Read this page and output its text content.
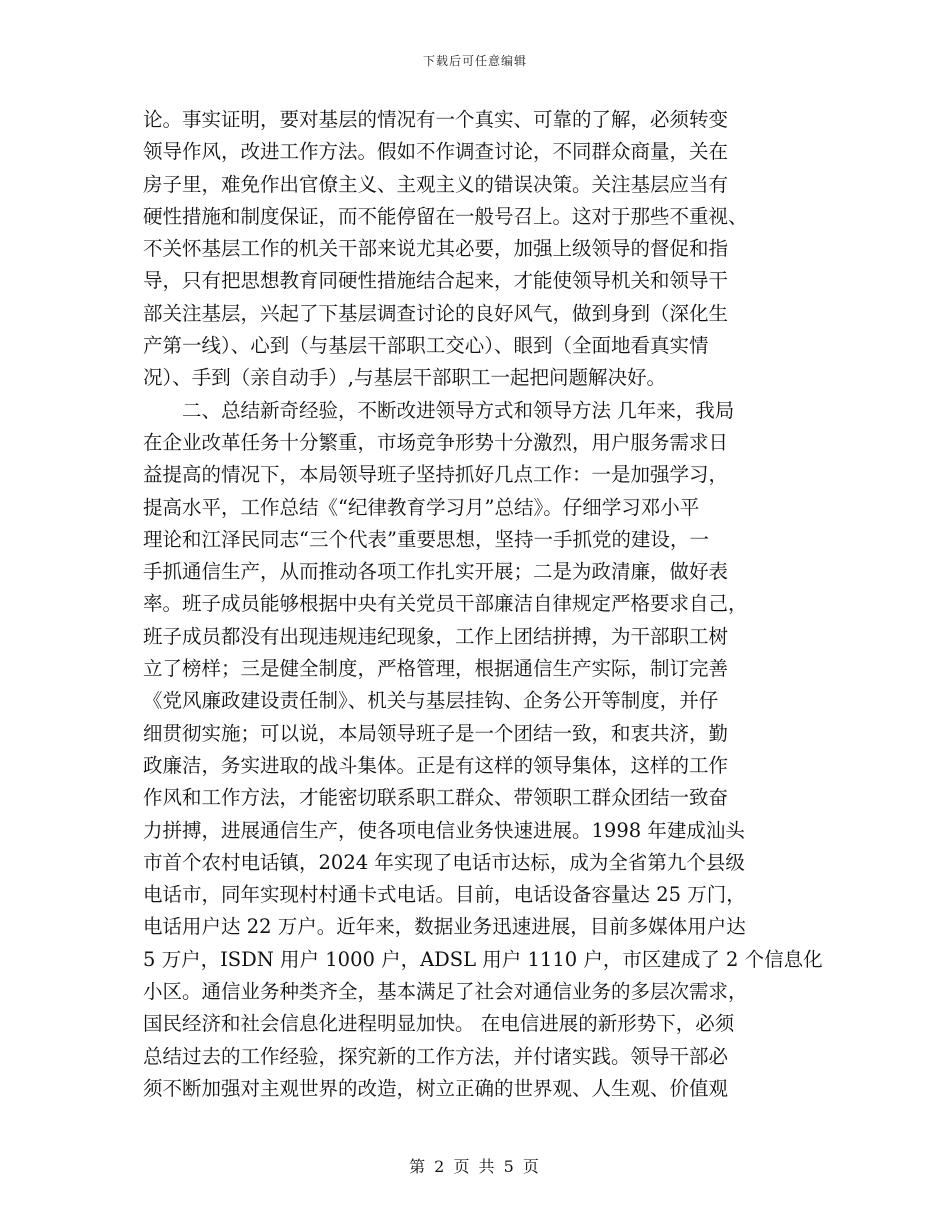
下载后可任意编辑
论。事实证明，要对基层的情况有一个真实、可靠的了解，必须转变
领导作风，改进工作方法。假如不作调查讨论，不同群众商量，关在
房子里，难免作出官僚主义、主观主义的错误决策。关注基层应当有
硬性措施和制度保证，而不能停留在一般号召上。这对于那些不重视、
不关怀基层工作的机关干部来说尤其必要，加强上级领导的督促和指
导，只有把思想教育同硬性措施结合起来，才能使领导机关和领导干
部关注基层，兴起了下基层调查讨论的良好风气，做到身到（深化生
产第一线）、心到（与基层干部职工交心）、眼到（全面地看真实情
况）、手到（亲自动手）,与基层干部职工一起把问题解决好。
　　二、总结新奇经验，不断改进领导方式和领导方法 几年来，我局
在企业改革任务十分繁重，市场竞争形势十分激烈，用户服务需求日
益提高的情况下，本局领导班子坚持抓好几点工作：一是加强学习，
提高水平，工作总结《“纪律教育学习月”总结》。仔细学习邓小平
理论和江泽民同志“三个代表”重要思想，坚持一手抓党的建设，一
手抓通信生产，从而推动各项工作扎实开展；二是为政清廉，做好表
率。班子成员能够根据中央有关党员干部廉洁自律规定严格要求自己，
班子成员都没有出现违规违纪现象，工作上团结拼搏，为干部职工树
立了榜样；三是健全制度，严格管理，根据通信生产实际，制订完善
《党风廉政建设责任制》、机关与基层挂钩、企务公开等制度，并仔
细贯彻实施；可以说，本局领导班子是一个团结一致，和衷共济，勤
政廉洁，务实进取的战斗集体。正是有这样的领导集体，这样的工作
作风和工作方法，才能密切联系职工群众、带领职工群众团结一致奋
力拼搏，进展通信生产，使各项电信业务快速进展。1998 年建成汕头
市首个农村电话镇，2024 年实现了电话市达标，成为全省第九个县级
电话市，同年实现村村通卡式电话。目前，电话设备容量达 25 万门，
电话用户达 22 万户。近年来，数据业务迅速进展，目前多媒体用户达
5 万户，ISDN 用户 1000 户，ADSL 用户 1110 户，市区建成了 2 个信息化
小区。通信业务种类齐全，基本满足了社会对通信业务的多层次需求，
国民经济和社会信息化进程明显加快。 在电信进展的新形势下，必须
总结过去的工作经验，探究新的工作方法，并付诸实践。领导干部必
须不断加强对主观世界的改造，树立正确的世界观、人生观、价值观
第 2 页 共 5 页
